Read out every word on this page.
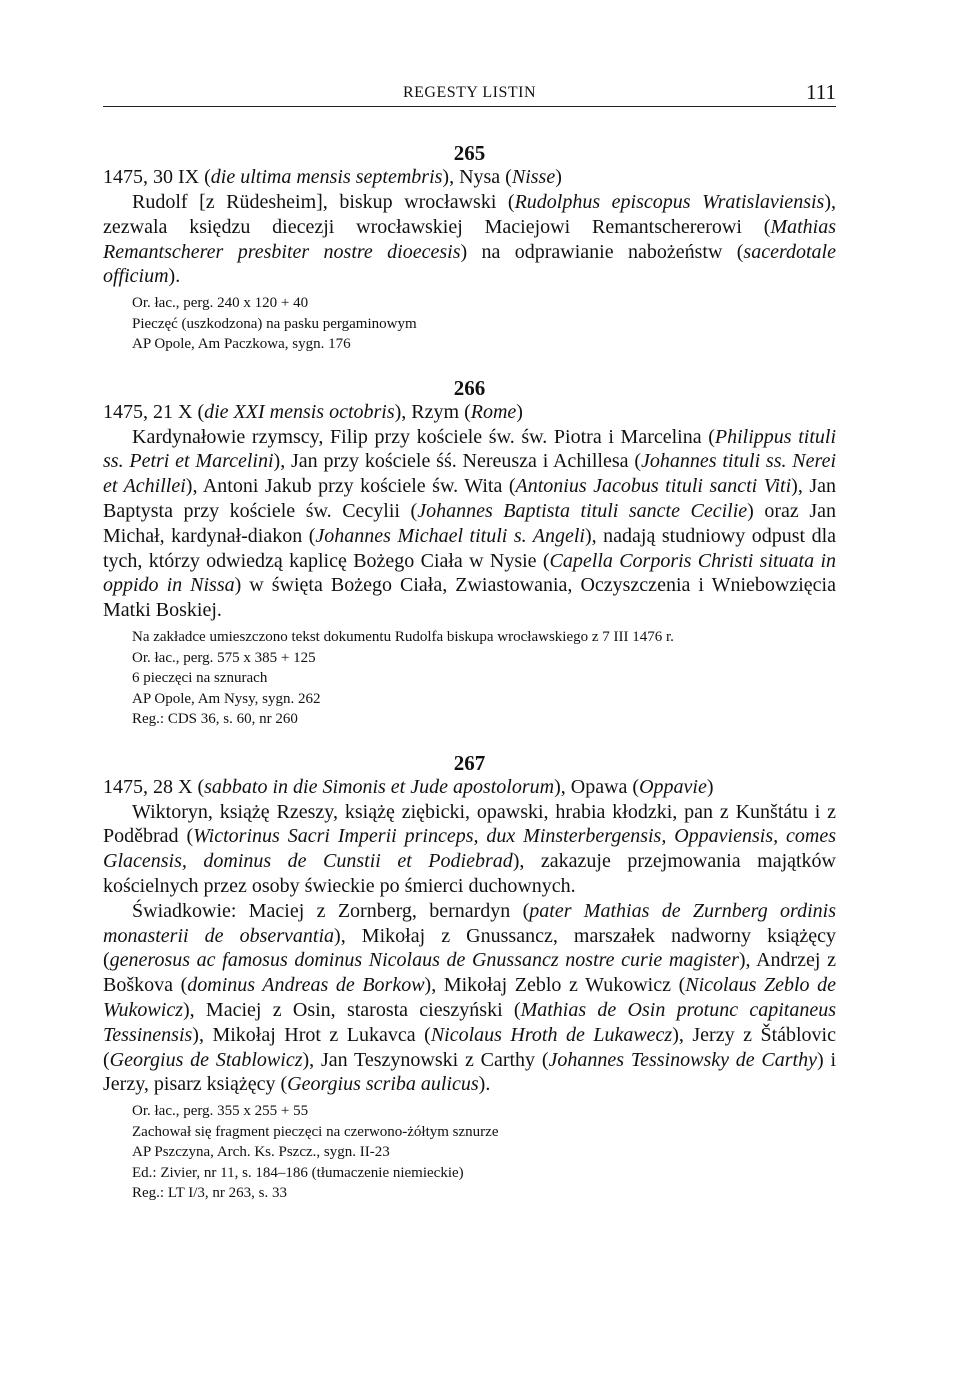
REGESTY LISTIN	111
265

1475, 30 IX (die ultima mensis septembris), Nysa (Nisse)

Rudolf [z Rüdesheim], biskup wrocławski (Rudolphus episcopus Wratislaviensis), zezwala księdzu diecezji wrocławskiej Maciejowi Remantschererowi (Mathias Remantscherer presbiter nostre dioecesis) na odprawianie nabożeństw (sacerdotale officium).

Or. łac., perg. 240 x 120 + 40

Pieczęć (uszkodzona) na pasku pergaminowym

AP Opole, Am Paczkowa, sygn. 176

266

1475, 21 X (die XXI mensis octobris), Rzym (Rome)

Kardynałowie rzymscy, Filip przy kościele św. św. Piotra i Marcelina (Philippus tituli ss. Petri et Marcelini), Jan przy kościele śś. Nereusza i Achillesa (Johannes tituli ss. Nerei et Achillei), Antoni Jakub przy kościele św. Wita (Antonius Jacobus tituli sancti Viti), Jan Baptysta przy kościele św. Cecylii (Johannes Baptista tituli sancte Cecilie) oraz Jan Michał, kardynał-diakon (Johannes Michael tituli s. Angeli), nadają studniowy odpust dla tych, którzy odwiedzą kaplicę Bożego Ciała w Nysie (Capella Corporis Christi situata in oppido in Nissa) w święta Bożego Ciała, Zwiastowania, Oczyszczenia i Wniebowzięcia Matki Boskiej.

Na zakładce umieszczono tekst dokumentu Rudolfa biskupa wrocławskiego z 7 III 1476 r.

Or. łac., perg. 575 x 385 + 125

6 pieczęci na sznurach

AP Opole, Am Nysy, sygn. 262

Reg.: CDS 36, s. 60, nr 260

267

1475, 28 X (sabbato in die Simonis et Jude apostolorum), Opawa (Oppavie)

Wiktoryn, książę Rzeszy, książę ziębicki, opawski, hrabia kłodzki, pan z Kunštátu i z Poděbrad (Wictorinus Sacri Imperii princeps, dux Minsterbergensis, Oppaviensis, comes Glacensis, dominus de Cunstii et Podiebrad), zakazuje przejmowania majątków kościelnych przez osoby świeckie po śmierci duchownych.

Świadkowie: Maciej z Zornberg, bernardyn (pater Mathias de Zurnberg ordinis monasterii de observantia), Mikołaj z Gnussancz, marszałek nadworny książęcy (generosus ac famosus dominus Nicolaus de Gnussancz nostre curie magister), Andrzej z Boškova (dominus Andreas de Borkow), Mikołaj Zeblo z Wukowicz (Nicolaus Zeblo de Wukowicz), Maciej z Osin, starosta cieszyński (Mathias de Osin protunc capitaneus Tessinensis), Mikołaj Hrot z Lukavca (Nicolaus Hroth de Lukawecz), Jerzy z Štáblovic (Georgius de Stablowicz), Jan Teszynowski z Carthy (Johannes Tessinowsky de Carthy) i Jerzy, pisarz książęcy (Georgius scriba aulicus).

Or. łac., perg. 355 x 255 + 55

Zachował się fragment pieczęci na czerwono-żółtym sznurze

AP Pszczyna, Arch. Ks. Pszcz., sygn. II-23

Ed.: Zivier, nr 11, s. 184–186 (tłumaczenie niemieckie)

Reg.: LT I/3, nr 263, s. 33
